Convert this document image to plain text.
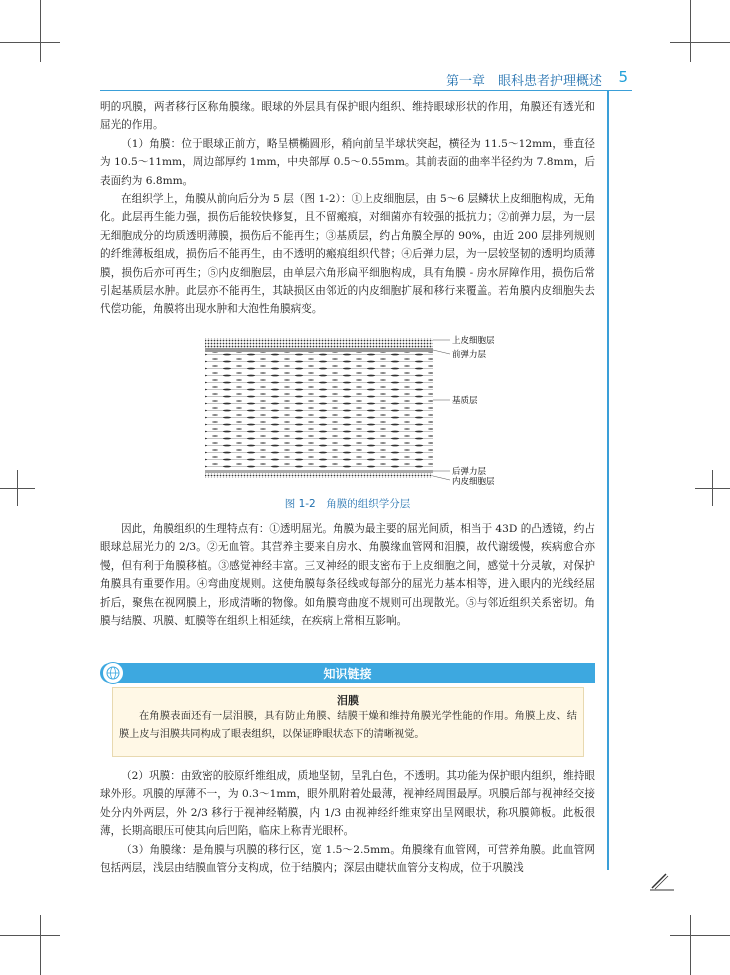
第一章　眼科患者护理概述 5

明的巩膜，两者移行区称角膜缘。眼球的外层具有保护眼内组织、维持眼球形状的作用，角膜还有透光和屈光的作用。

（1）角膜：位于眼球正前方，略呈横椭圆形，稍向前呈半球状突起，横径为 11.5～12mm，垂直径为 10.5～11mm，周边部厚约 1mm，中央部厚 0.5～0.55mm。其前表面的曲率半径约为 7.8mm，后表面约为 6.8mm。

在组织学上，角膜从前向后分为 5 层（图 1-2）：①上皮细胞层，由 5～6 层鳞状上皮细胞构成，无角化。此层再生能力强，损伤后能较快修复，且不留瘢痕，对细菌亦有较强的抵抗力；②前弹力层，为一层无细胞成分的均质透明薄膜，损伤后不能再生；③基质层，约占角膜全厚的 90%，由近 200 层排列规则的纤维薄板组成，损伤后不能再生，由不透明的瘢痕组织代替；④后弹力层，为一层较坚韧的透明均质薄膜，损伤后亦可再生；⑤内皮细胞层，由单层六角形扁平细胞构成，具有角膜 - 房水屏障作用，损伤后常引起基质层水肿。此层亦不能再生，其缺损区由邻近的内皮细胞扩展和移行来覆盖。若角膜内皮细胞失去代偿功能，角膜将出现水肿和大泡性角膜病变。

上皮细胞层
前弹力层
基质层
后弹力层
内皮细胞层
图 1-2　角膜的组织学分层

因此，角膜组织的生理特点有：①透明屈光。角膜为最主要的屈光间质，相当于 43D 的凸透镜，约占眼球总屈光力的 2/3。②无血管。其营养主要来自房水、角膜缘血管网和泪膜，故代谢缓慢，疾病愈合亦慢，但有利于角膜移植。③感觉神经丰富。三叉神经的眼支密布于上皮细胞之间，感觉十分灵敏，对保护角膜具有重要作用。④弯曲度规则。这使角膜每条径线或每部分的屈光力基本相等，进入眼内的光线经屈折后，聚焦在视网膜上，形成清晰的物像。如角膜弯曲度不规则可出现散光。⑤与邻近组织关系密切。角膜与结膜、巩膜、虹膜等在组织上相延续，在疾病上常相互影响。

知识链接
泪膜
在角膜表面还有一层泪膜，具有防止角膜、结膜干燥和维持角膜光学性能的作用。角膜上皮、结膜上皮与泪膜共同构成了眼表组织，以保证睁眼状态下的清晰视觉。

（2）巩膜：由致密的胶原纤维组成，质地坚韧，呈乳白色，不透明。其功能为保护眼内组织，维持眼球外形。巩膜的厚薄不一，为 0.3～1mm，眼外肌附着处最薄，视神经周围最厚。巩膜后部与视神经交接处分内外两层，外 2/3 移行于视神经鞘膜，内 1/3 由视神经纤维束穿出呈网眼状，称巩膜筛板。此板很薄，长期高眼压可使其向后凹陷，临床上称青光眼杯。

（3）角膜缘：是角膜与巩膜的移行区，宽 1.5～2.5mm。角膜缘有血管网，可营养角膜。此血管网包括两层，浅层由结膜血管分支构成，位于结膜内；深层由睫状血管分支构成，位于巩膜浅
